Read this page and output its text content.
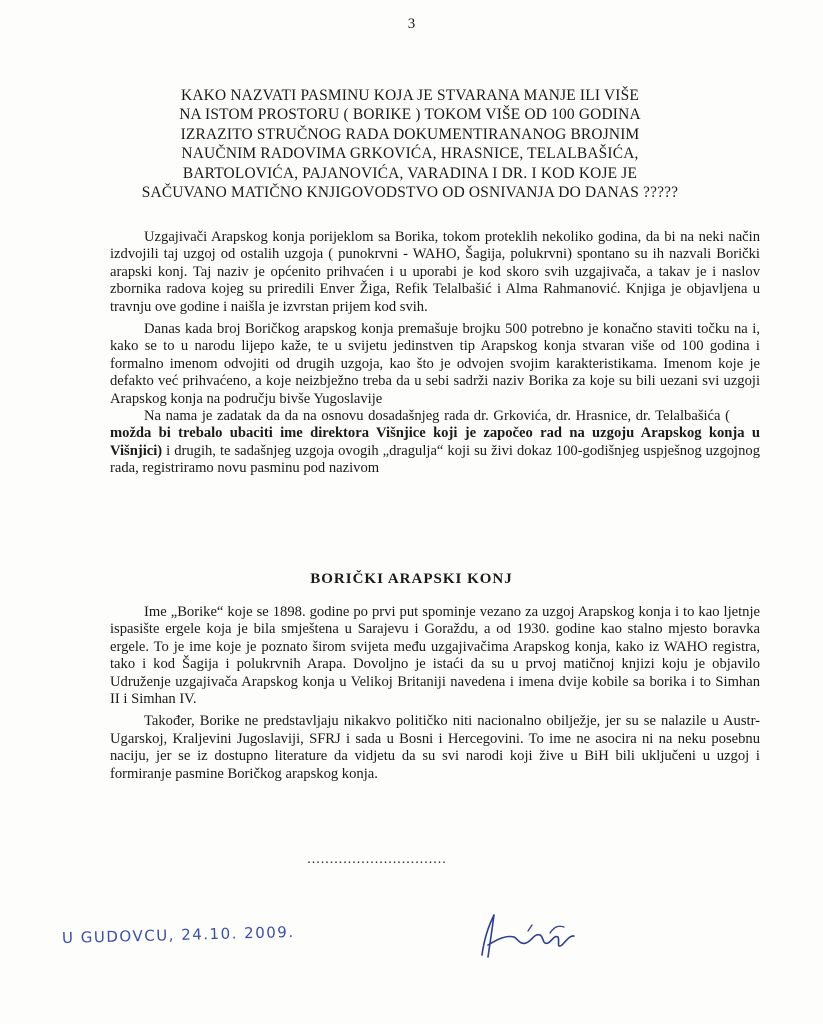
3
KAKO NAZVATI PASMINU KOJA JE STVARANA MANJE ILI VIŠE
NA ISTOM PROSTORU ( BORIKE ) TOKOM VIŠE OD 100 GODINA
IZRAZITO STRUČNOG RADA DOKUMENTIRANANOG BROJNIM
NAUČNIM RADOVIMA GRKOVIĆA, HRASNICE, TELALBAŠIĆA,
BARTOLOVIĆA, PAJANOVIĆA, VARADINA I DR. I KOD KOJE JE
SAČUVANO MATIČNO KNJIGOVODSTVO OD OSNIVANJA DO DANAS ?????

Uzgajivači Arapskog konja porijeklom sa Borika, tokom proteklih nekoliko godina, da bi na neki način izdvojili taj uzgoj od ostalih uzgoja ( punokrvni - WAHO, Šagija, polukrvni) spontano su ih nazvali Borički arapski konj. Taj naziv je općenito prihvaćen i u uporabi je kod skoro svih uzgajivača, a takav je i naslov zbornika radova kojeg su priredili Enver Žiga, Refik Telalbašić i Alma Rahmanović. Knjiga je objavljena u travnju ove godine i naišla je izvrstan prijem kod svih.

Danas kada broj Boričkog arapskog konja premašuje brojku 500 potrebno je konačno staviti točku na i, kako se to u narodu lijepo kaže, te u svijetu jedinstven tip Arapskog konja stvaran više od 100 godina i formalno imenom odvojiti od drugih uzgoja, kao što je odvojen svojim karakteristikama. Imenom koje je defakto već prihvaćeno, a koje neizbježno treba da u sebi sadrži naziv Borika za koje su bili uezani svi uzgoji Arapskog konja na području bivše Yugoslavije

Na nama je zadatak da da na osnovu dosadašnjeg rada dr. Grkovića, dr. Hrasnice, dr. Telalbašića (možda bi trebalo ubaciti ime direktora Višnjice koji je započeo rad na uzgoju Arapskog konja u Višnjici) i drugih, te sadašnjeg uzgoja ovogih „dragulja“ koji su živi dokaz 100-godišnjeg uspješnog uzgojnog rada, registriramo novu pasminu pod nazivom

BORIČKI ARAPSKI KONJ

Ime „Borike“ koje se 1898. godine po prvi put spominje vezano za uzgoj Arapskog konja i to kao ljetnje ispasište ergele koja je bila smještena u Sarajevu i Goraždu, a od 1930. godine kao stalno mjesto boravka ergele. To je ime koje je poznato širom svijeta među uzgajivačima Arapskog konja, kako iz WAHO registra, tako i kod Šagija i polukrvnih Arapa. Dovoljno je istaći da su u prvoj matičnoj knjizi koju je objavilo Udruženje uzgajivača Arapskog konja u Velikoj Britaniji navedena i imena dvije kobile sa borika i to Simhan II i Simhan IV.

Također, Borike ne predstavljaju nikakvo političko niti nacionalno obilježje, jer su se nalazile u Austr-Ugarskoj, Kraljevini Jugoslaviji, SFRJ i sada u Bosni i Hercegovini. To ime ne asocira ni na neku posebnu naciju, jer se iz dostupno literature da vidjetu da su svi narodi koji žive u BiH bili uključeni u uzgoj i formiranje pasmine Boričkog arapskog konja.

...............................
U GUDOVCU, 24.10. 2009.
